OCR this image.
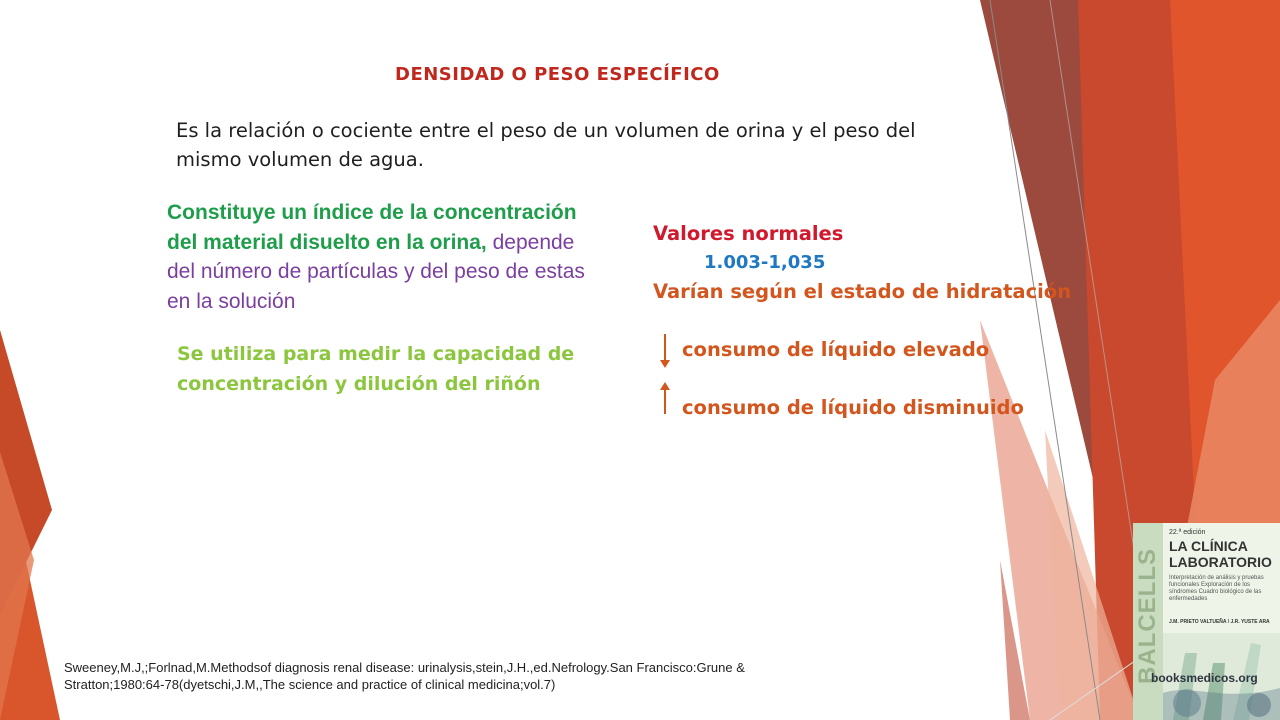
DENSIDAD O PESO ESPECÍFICO
Es la relación o cociente entre el peso de un volumen de orina y el peso del mismo volumen de agua.
Constituye un índice de la concentración del material disuelto en la orina, depende del número de partículas y del peso de estas en la solución
Se utiliza para medir la capacidad de concentración y dilución del riñón
Valores normales
1.003-1,035
Varían según el estado de hidratación
consumo de líquido elevado
consumo de líquido disminuido
Sweeney,M.J,;Forlnad,M.Methodsof diagnosis renal disease: urinalysis,stein,J.H.,ed.Nefrology.San Francisco:Grune & Stratton;1980:64-78(dyetschi,J.M,,The science and practice of clinical medicina;vol.7)
BALCELLS
22.ª edición
LA CLÍNICA
LABORATORIO
Interpretación de análisis y pruebas funcionales Exploración de los síndromes Cuadro biológico de las enfermedades
J.M. PRIETO VALTUEÑA / J.R. YUSTE ARA
booksmedicos.org
